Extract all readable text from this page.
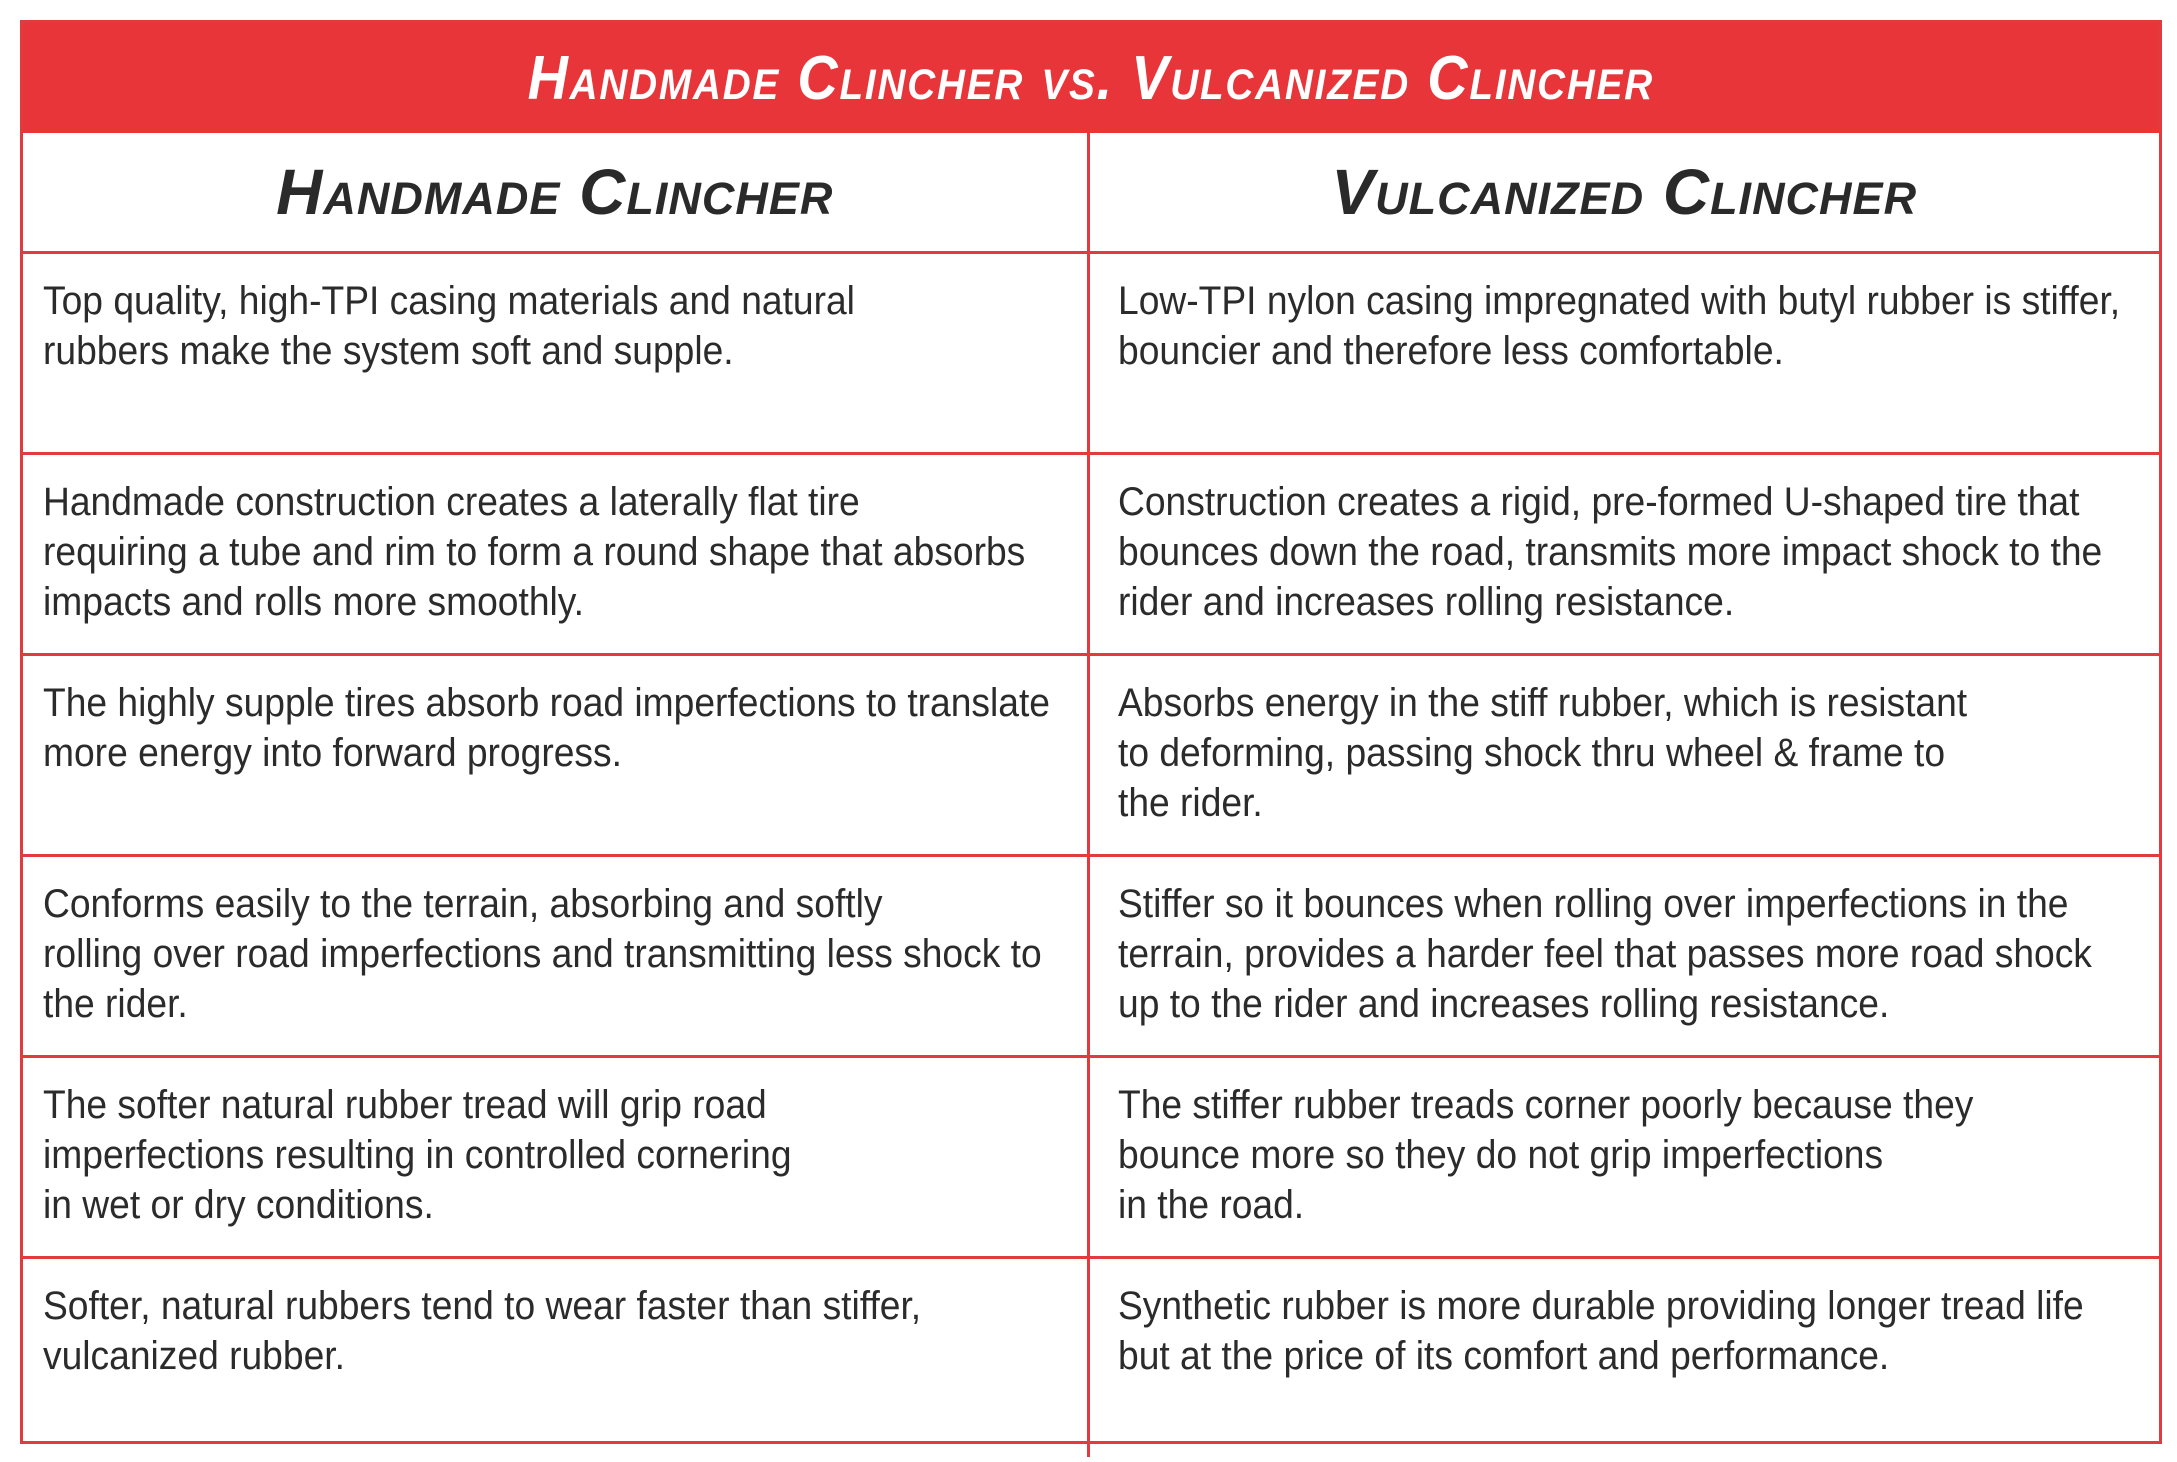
Handmade Clincher vs. Vulcanized Clincher
Handmade Clincher	Vulcanized Clincher

Top quality, high-TPI casing materials and natural
rubbers make the system soft and supple.	Low-TPI nylon casing impregnated with butyl rubber is stiffer,
bouncier and therefore less comfortable.

Handmade construction creates a laterally flat tire
requiring a tube and rim to form a round shape that absorbs
impacts and rolls more smoothly.	Construction creates a rigid, pre-formed U-shaped tire that
bounces down the road, transmits more impact shock to the
rider and increases rolling resistance.

The highly supple tires absorb road imperfections to translate
more energy into forward progress.	Absorbs energy in the stiff rubber, which is resistant
to deforming, passing shock thru wheel & frame to
the rider.

Conforms easily to the terrain, absorbing and softly
rolling over road imperfections and transmitting less shock to
the rider.	Stiffer so it bounces when rolling over imperfections in the
terrain, provides a harder feel that passes more road shock
up to the rider and increases rolling resistance.

The softer natural rubber tread will grip road
imperfections resulting in controlled cornering
in wet or dry conditions.	The stiffer rubber treads corner poorly because they
bounce more so they do not grip imperfections
in the road.

Softer, natural rubbers tend to wear faster than stiffer,
vulcanized rubber.	Synthetic rubber is more durable providing longer tread life
but at the price of its comfort and performance.
